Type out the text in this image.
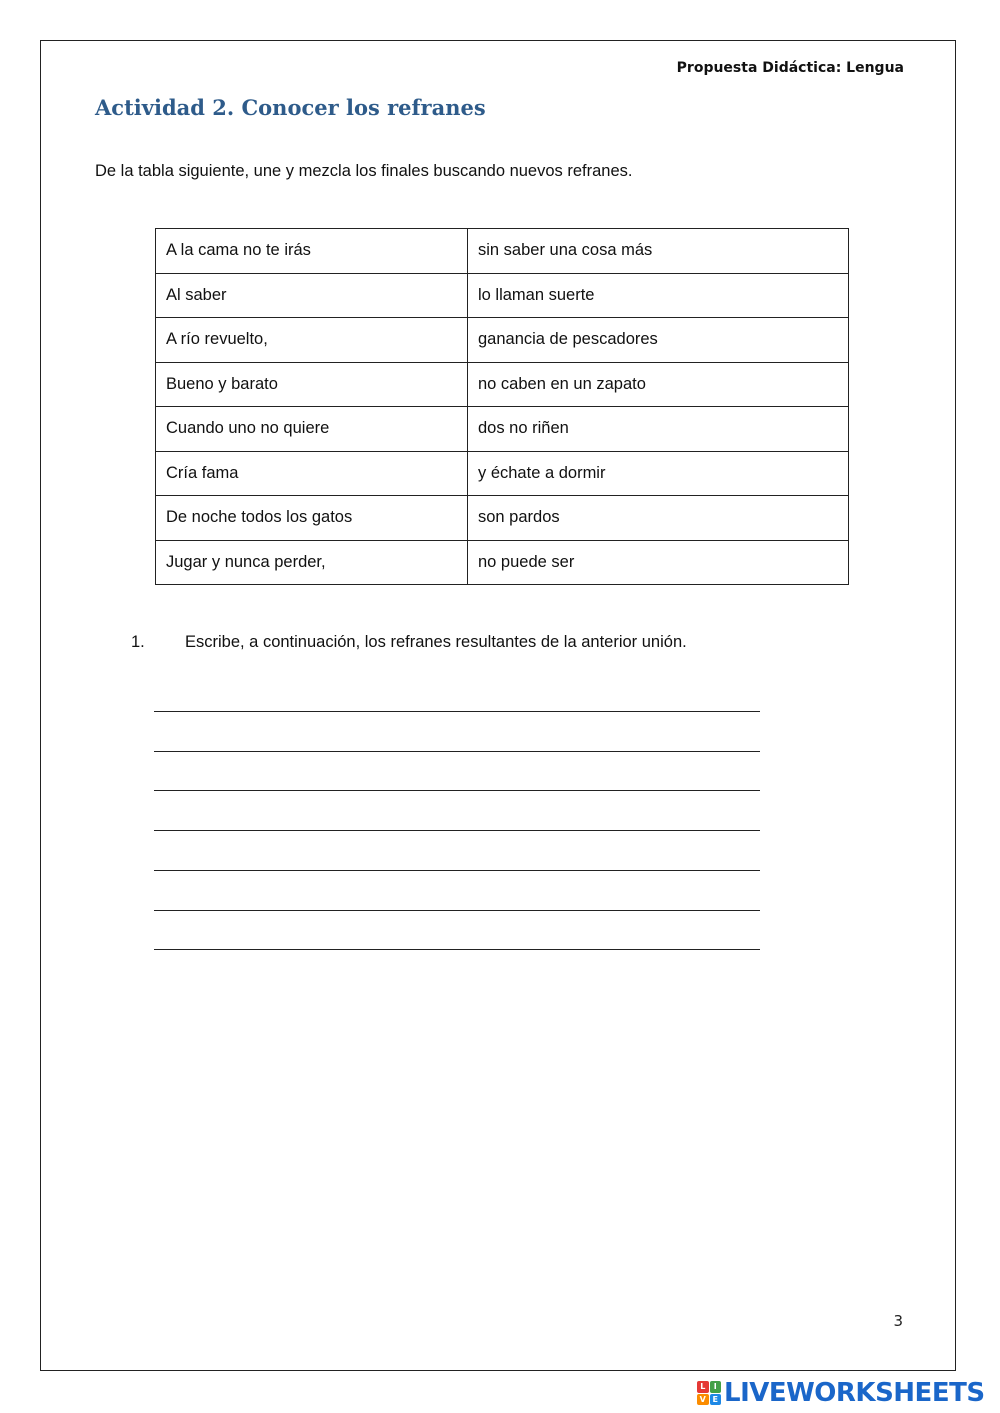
Propuesta Didáctica: Lengua
Actividad 2. Conocer los refranes
De la tabla siguiente, une y mezcla los finales buscando nuevos refranes.
A la cama no te irás	sin saber una cosa más
Al saber	lo llaman suerte
A río revuelto,	ganancia de pescadores
Bueno y barato	no caben en un zapato
Cuando uno no quiere	dos no riñen
Cría fama	y échate a dormir
De noche todos los gatos	son pardos
Jugar y nunca perder,	no puede ser
1. Escribe, a continuación, los refranes resultantes de la anterior unión.
3
L	I
V E LIVEWORKSHEETS
